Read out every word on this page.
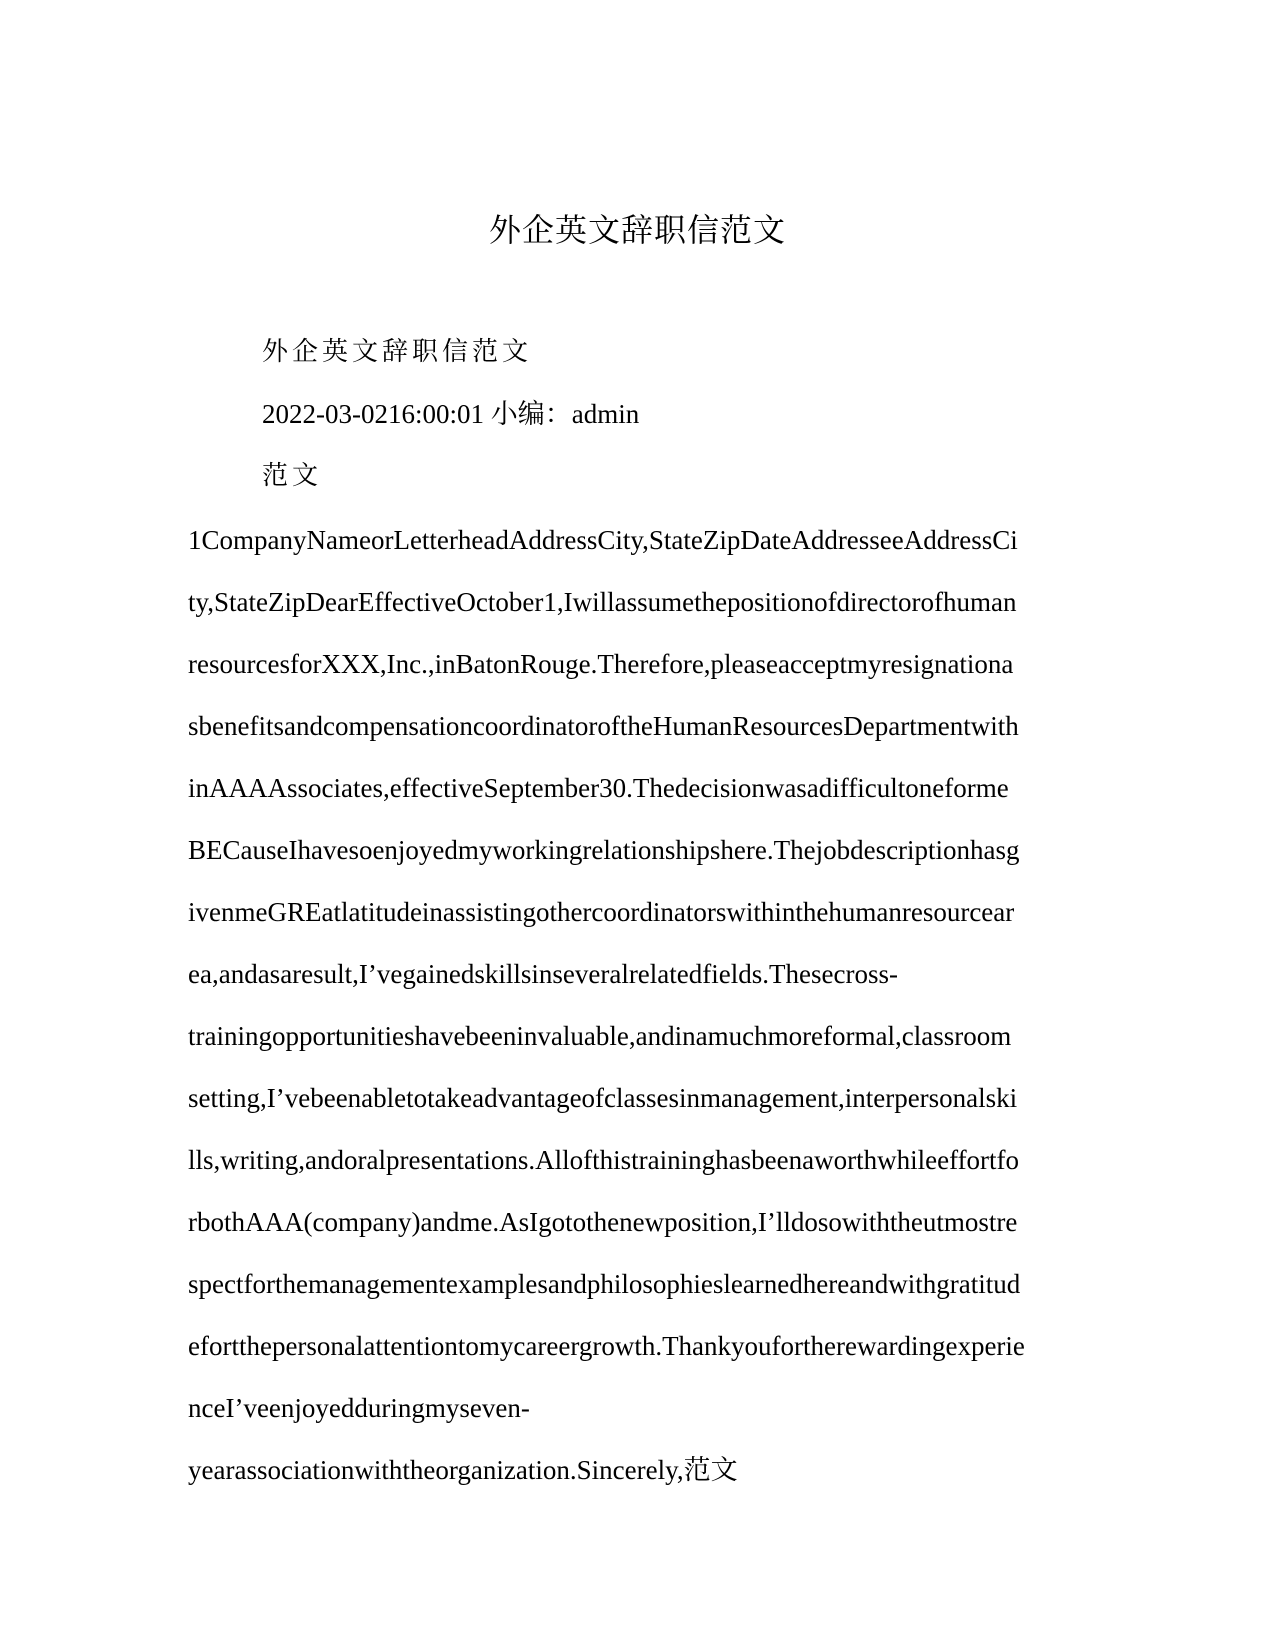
外企英文辞职信范文
外企英文辞职信范文
2022-03-0216:00:01 小编：admin
范文
1CompanyNameorLetterheadAddressCity,StateZipDateAddresseeAddressCi
ty,StateZipDearEffectiveOctober1,Iwillassumethepositionofdirectorofhuman
resourcesforXXX,Inc.,inBatonRouge.Therefore,pleaseacceptmyresignationa
sbenefitsandcompensationcoordinatoroftheHumanResourcesDepartmentwith
inAAAAssociates,effectiveSeptember30.Thedecisionwasadifficultoneforme
BECauseIhavesoenjoyedmyworkingrelationshipshere.Thejobdescriptionhasg
ivenmeGREatlatitudeinassistingothercoordinatorswithinthehumanresourcear
ea,andasaresult,I’vegainedskillsinseveralrelatedfields.Thesecross-
trainingopportunitieshavebeeninvaluable,andinamuchmoreformal,classroom
setting,I’vebeenabletotakeadvantageofclassesinmanagement,interpersonalski
lls,writing,andoralpresentations.Allofthistraininghasbeenaworthwhileeffortfo
rbothAAA(company)andme.AsIgotothenewposition,I’lldosowiththeutmostre
spectforthemanagementexamplesandphilosophieslearnedhereandwithgratitud
efortthepersonalattentiontomycareergrowth.Thankyoufortherewardingexperie
nceI’veenjoyedduringmyseven-
yearassociationwiththeorganization.Sincerely,范文
